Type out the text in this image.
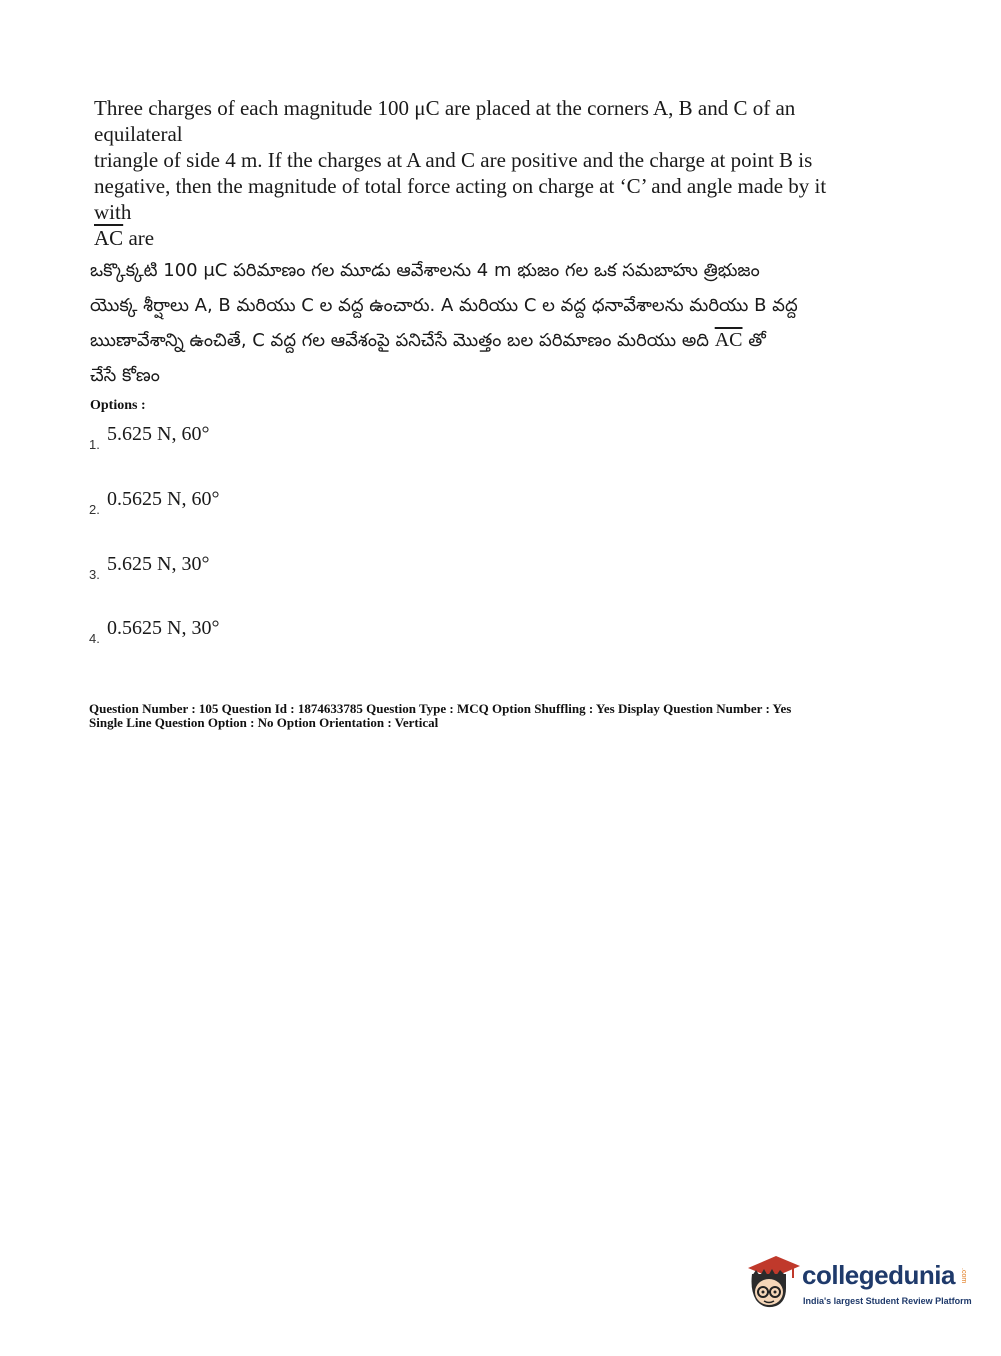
Three charges of each magnitude 100 μC are placed at the corners A, B and C of an equilateral

triangle of side 4 m. If the charges at A and C are positive and the charge at point B is

negative, then the magnitude of total force acting on charge at ‘C’ and angle made by it with

$\overline{AC}$ are

ఒక్కొక్కటి 100 μC పరిమాణం గల మూడు ఆవేశాలను 4 m భుజం గల ఒక సమబాహు త్రిభుజం

యొక్క శీర్షాలు A, B మరియు C ల వద్ద ఉంచారు. A మరియు C ల వద్ద ధనావేశాలను మరియు B వద్ద

ఋణావేశాన్ని ఉంచితే, C వద్ద గల ఆవేశంపై పనిచేసే మొత్తం బల పరిమాణం మరియు అది $\overline{AC}$ తో

చేసే కోణం

Options :
1. 5.625 N, 60°
2. 0.5625 N, 60°
3. 5.625 N, 30°
4. 0.5625 N, 30°
Question Number : 105 Question Id : 1874633785 Question Type : MCQ Option Shuffling : Yes Display Question Number : Yes
Single Line Question Option : No Option Orientation : Vertical
collegedunia .com
India's largest Student Review Platform
